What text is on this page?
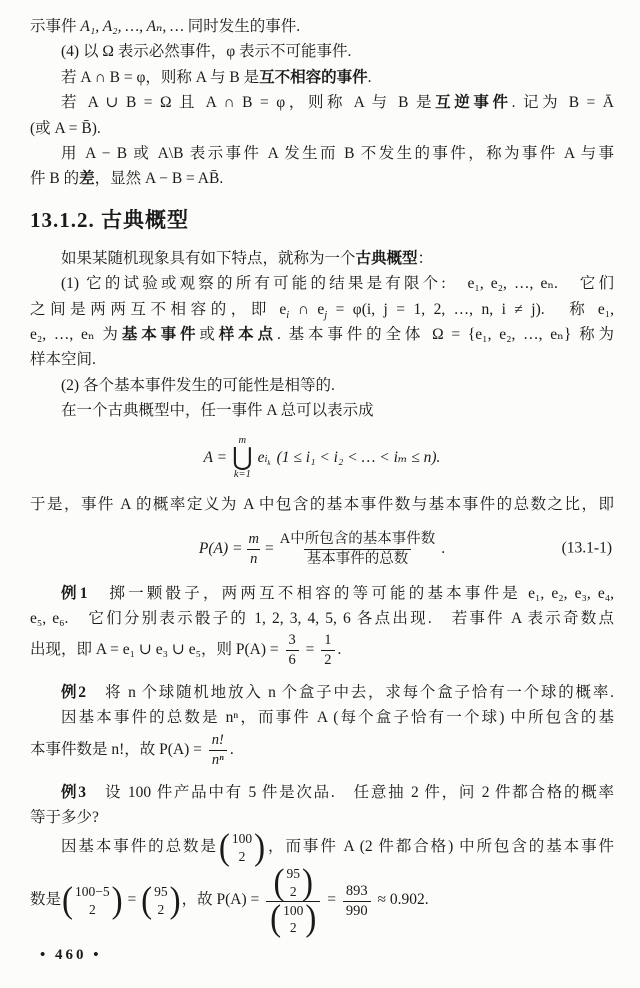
示事件 A₁, A₂, …, Aₙ, … 同时发生的事件.
(4) 以 Ω 表示必然事件，φ 表示不可能事件.
若 A ∩ B = φ，则称 A 与 B 是互不相容的事件.
若 A ∪ B = Ω 且 A ∩ B = φ，则称 A 与 B 是互逆事件. 记为 B = Ā
(或 A = B̄).
用 A − B 或 A\B 表示事件 A 发生而 B 不发生的事件，称为事件 A 与事
件 B 的差，显然 A − B = AB̄.
13.1.2. 古典概型
如果某随机现象具有如下特点，就称为一个古典概型：
(1) 它的试验或观察的所有可能的结果是有限个:　e₁, e₂, …, eₙ.　它们
之间是两两互不相容的，即 $e_i$ ∩ $e_j = \varphi(i$, j = 1, 2, …, n, i ≠ j).　称 e₁,
e₂, …, eₙ 为基本事件或样本点. 基本事件的全体 Ω = {e₁, e₂, …, eₙ} 称为
样本空间.
(2) 各个基本事件发生的可能性是相等的.
在一个古典概型中，任一事件 A 总可以表示成
A =
m
⋃
k=1
e $_{i_k}$ (1 ≤ i₁ < i₂ < … < iₘ ≤ n).
于是，事件 A 的概率定义为 A 中包含的基本事件数与基本事件的总数之比，即
$P(A) = \frac{m}{n} = \frac{\text{A中所包含的基本事件数}}{\text{基本事件的总数}}$ .	(13.1-1)
例1　掷一颗骰子，两两互不相容的等可能的基本事件是 e₁, e₂, e₃, e₄,
e₅, e₆.　它们分别表示骰子的 1, 2, 3, 4, 5, 6 各点出现.　若事件 A 表示奇数点
出现，即 A = e₁ ∪ e₃ ∪ e₅，则 $P(A) = \frac{3}{6} = \frac{1}{2}$ .
例2　将 n 个球随机地放入 n 个盒子中去，求每个盒子恰有一个球的概率.
因基本事件的总数是 nⁿ，而事件 A (每个盒子恰有一个球) 中所包含的基
本事件数是 n!，故 $P(A) = \frac{n!}{\text{nⁿ}}$ .
例3　设 100 件产品中有 5 件是次品.　任意抽 2 件，问 2 件都合格的概率
等于多少?
因基本事件的总数是 ( 100
2 ) ，而事件 A (2 件都合格) 中所包含的基本事件
数是 ( 100−5
2 ) = ( 95
2 ) ，故 P(A) = ( 95
2 )
( 100
2 ) = $\frac{893}{990} \approx 0.902$.
• 460 •
